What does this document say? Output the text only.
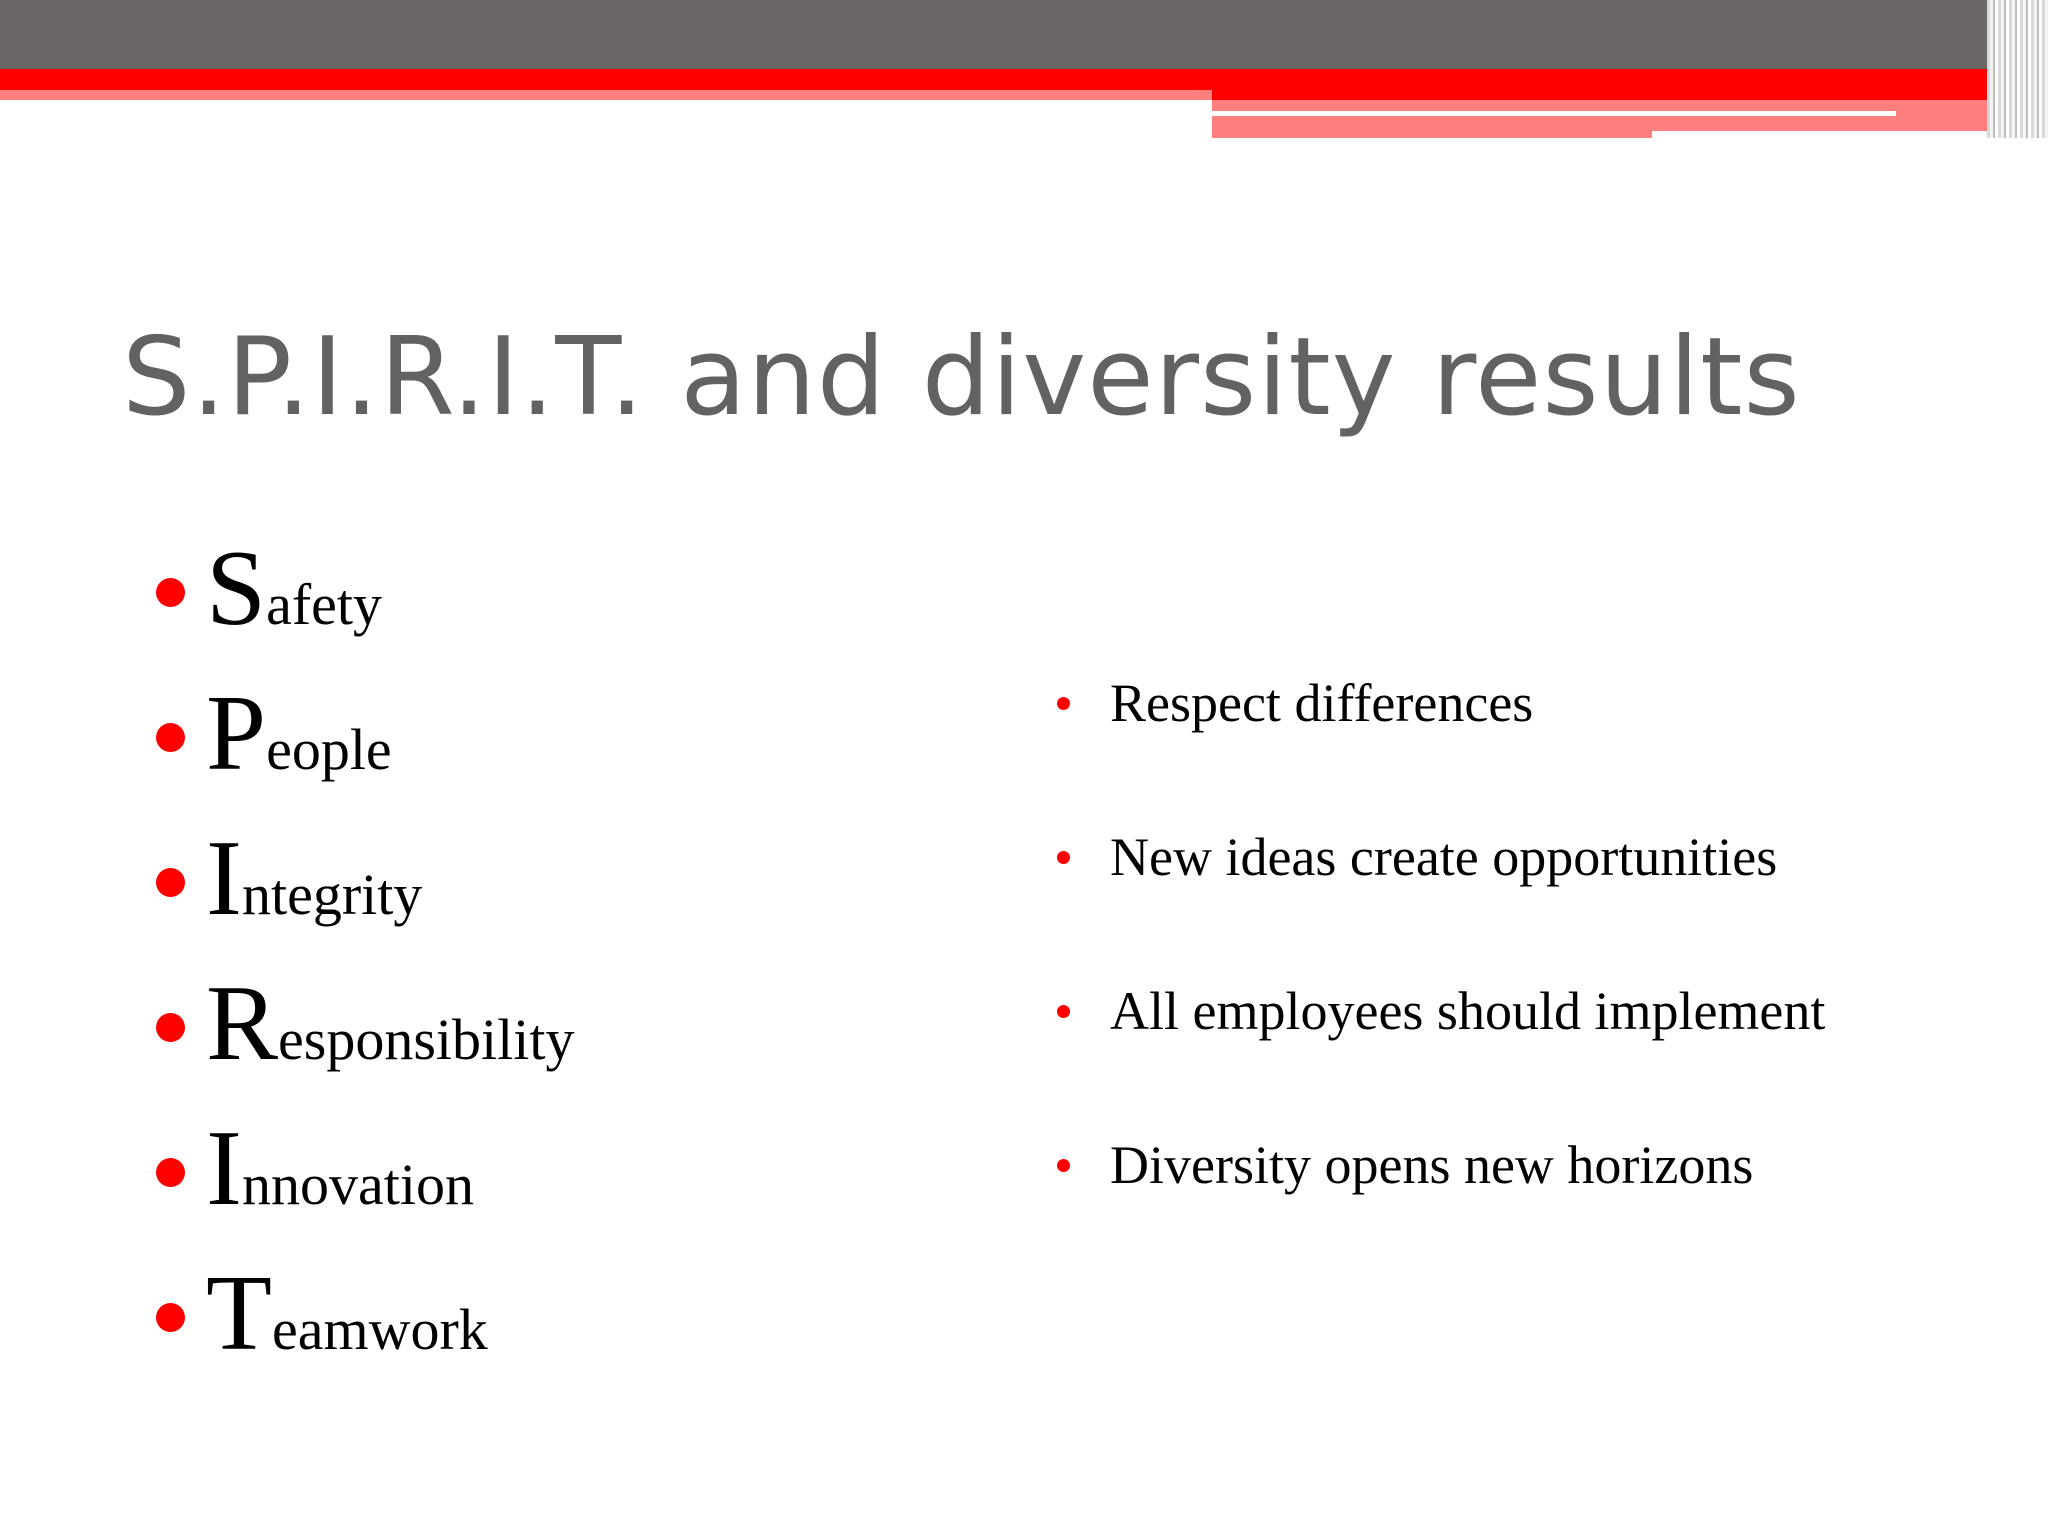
S.P.I.R.I.T. and diversity results
Safety
People
Integrity
Responsibility
Innovation
Teamwork
Respect differences
New ideas create opportunities
All employees should implement
Diversity opens new horizons
